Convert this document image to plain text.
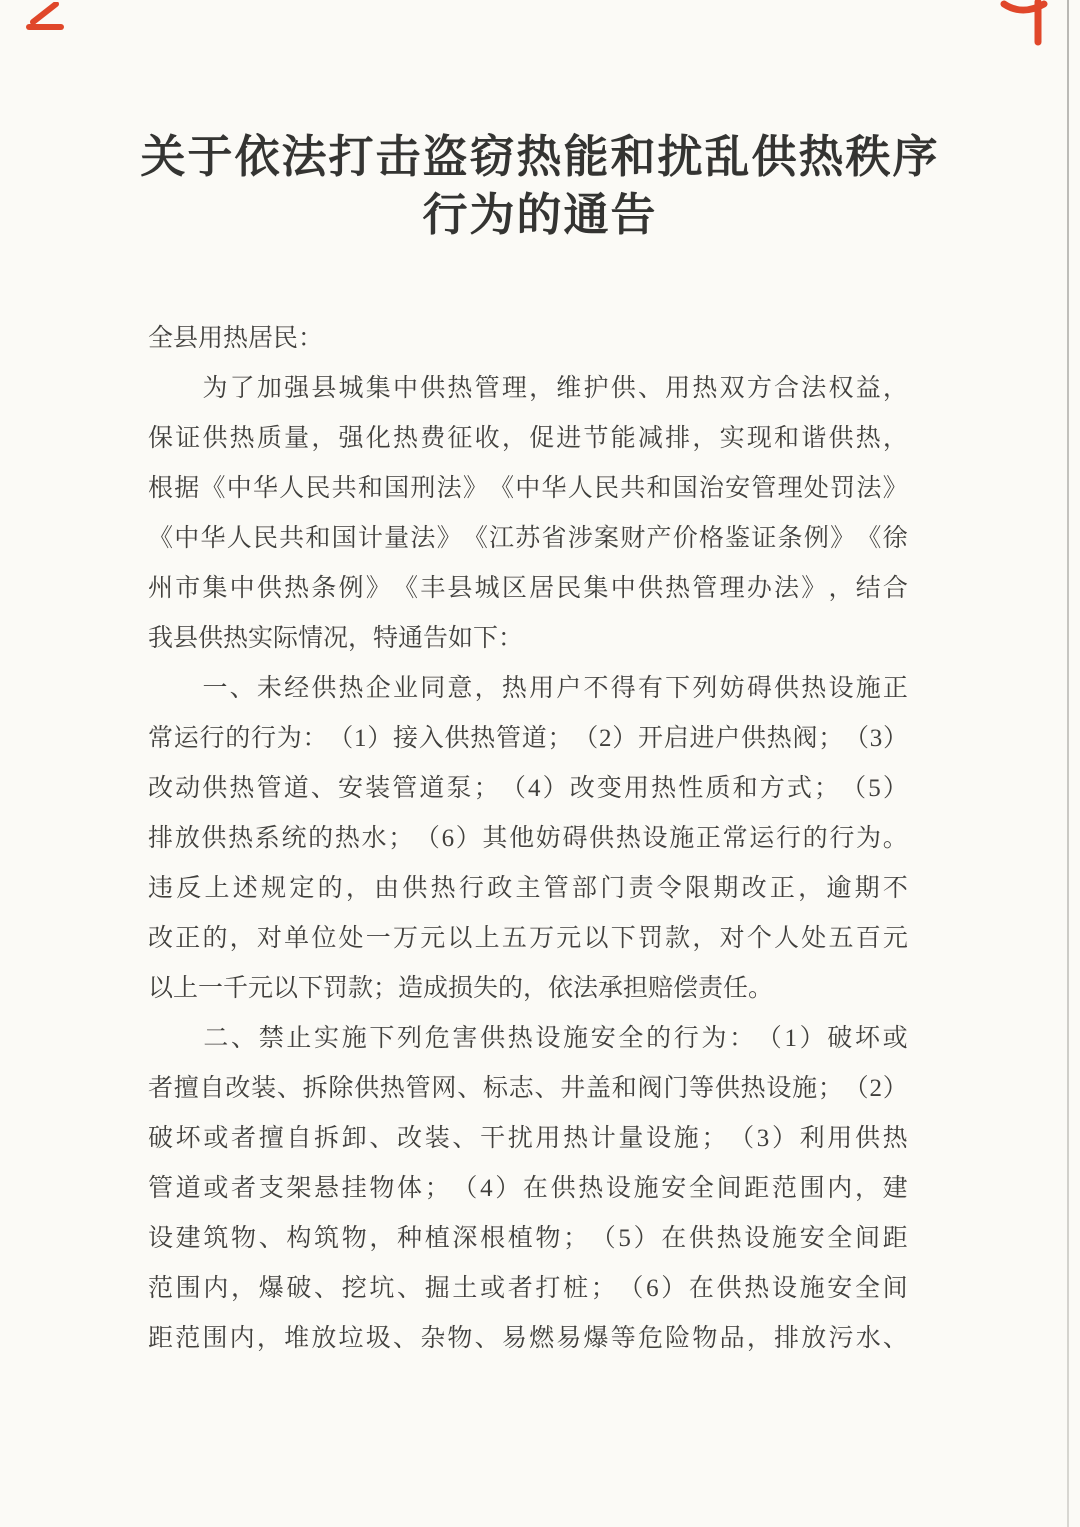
关于依法打击盗窃热能和扰乱供热秩序
行为的通告
全县用热居民：

为 了 加 强 县 城 集 中 供 热 管 理 ， 维 护 供 、 用 热 双 方 合 法 权 益 ，
保 证 供 热 质 量 ， 强 化 热 费 征 收 ， 促 进 节 能 减 排 ， 实 现 和 谐 供 热 ，
根 据 《 中 华 人 民 共 和 国 刑 法 》 《 中 华 人 民 共 和 国 治 安 管 理 处 罚 法 》
《 中 华 人 民 共 和 国 计 量 法 》 《 江 苏 省 涉 案 财 产 价 格 鉴 证 条 例 》 《 徐
州 市 集 中 供 热 条 例 》 《 丰 县 城 区 居 民 集 中 供 热 管 理 办 法 》 ， 结 合
我县供热实际情况，特通告如下：

一 、 未 经 供 热 企 业 同 意 ， 热 用 户 不 得 有 下 列 妨 碍 供 热 设 施 正
常 运 行 的 行 为 ： （ 1 ） 接 入 供 热 管 道 ； （ 2 ） 开 启 进 户 供 热 阀 ； （ 3 ）
改 动 供 热 管 道 、 安 装 管 道 泵 ； （ 4 ） 改 变 用 热 性 质 和 方 式 ； （ 5 ）
排 放 供 热 系 统 的 热 水 ； （ 6 ） 其 他 妨 碍 供 热 设 施 正 常 运 行 的 行 为 。
违 反 上 述 规 定 的 ， 由 供 热 行 政 主 管 部 门 责 令 限 期 改 正 ， 逾 期 不
改 正 的 ， 对 单 位 处 一 万 元 以 上 五 万 元 以 下 罚 款 ， 对 个 人 处 五 百 元
以上一千元以下罚款；造成损失的，依法承担赔偿责任。

二 、 禁 止 实 施 下 列 危 害 供 热 设 施 安 全 的 行 为 ： （ 1 ） 破 坏 或
者 擅 自 改 装 、 拆 除 供 热 管 网 、 标 志 、 井 盖 和 阀 门 等 供 热 设 施 ； （ 2 ）
破 坏 或 者 擅 自 拆 卸 、 改 装 、 干 扰 用 热 计 量 设 施 ； （ 3 ） 利 用 供 热
管 道 或 者 支 架 悬 挂 物 体 ； （ 4 ） 在 供 热 设 施 安 全 间 距 范 围 内 ， 建
设 建 筑 物 、 构 筑 物 ， 种 植 深 根 植 物 ； （ 5 ） 在 供 热 设 施 安 全 间 距
范 围 内 ， 爆 破 、 挖 坑 、 掘 土 或 者 打 桩 ； （ 6 ） 在 供 热 设 施 安 全 间
距 范 围 内 ， 堆 放 垃 圾 、 杂 物 、 易 燃 易 爆 等 危 险 物 品 ， 排 放 污 水 、
